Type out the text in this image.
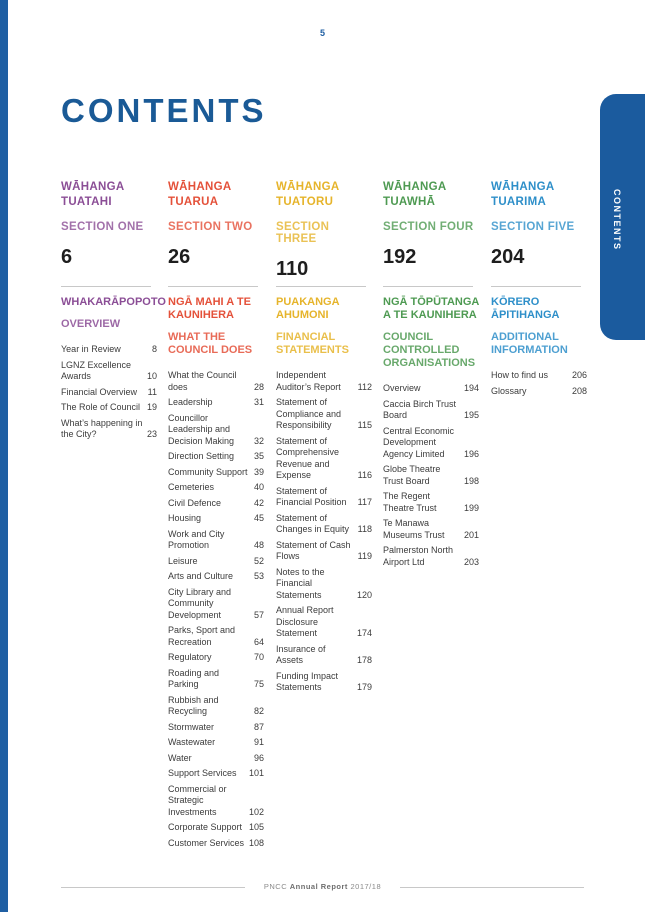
5
CONTENTS
CONTENTS
WĀHANGA
TUATAHI
SECTION ONE
6
WHAKARĀPOPOTO
OVERVIEW
Year in Review	8
LGNZ Excellence Awards	10
Financial Overview	11
The Role of Council 19
What’s happening in the City?	23
WĀHANGA
TUARUA
SECTION TWO
26
NGĀ MAHI A TE KAUNIHERA
WHAT THE COUNCIL DOES
What the Council does	28
Leadership	31
Councillor Leadership and Decision Making	32
Direction Setting	35
Community Support 39
Cemeteries	40
Civil Defence	42
Housing	45
Work and City Promotion	48
Leisure	52
Arts and Culture	53
City Library and Community Development	57
Parks, Sport and Recreation	64
Regulatory	70
Roading and Parking	75
Rubbish and Recycling	82
Stormwater	87
Wastewater	91
Water	96
Support Services	101
Commercial or Strategic Investments	102
Corporate Support 105
Customer Services 108
WĀHANGA
TUATORU
SECTION THREE
110
PUAKANGA AHUMONI
FINANCIAL STATEMENTS
Independent Auditor’s Report	112
Statement of Compliance and Responsibility	115
Statement of Comprehensive Revenue and Expense	116
Statement of Financial Position	117
Statement of Changes in Equity 118
Statement of Cash Flows	119
Notes to the Financial Statements	120
Annual Report Disclosure Statement	174
Insurance of Assets	178
Funding Impact Statements	179
WĀHANGA
TUAWHĀ
SECTION FOUR
192
NGĀ TŌPŪTANGA A TE KAUNIHERA
COUNCIL CONTROLLED ORGANISATIONS
Overview	194
Caccia Birch Trust Board	195
Central Economic Development Agency Limited	196
Globe Theatre Trust Board	198
The Regent Theatre Trust	199
Te Manawa Museums Trust	201
Palmerston North Airport Ltd	203
WĀHANGA
TUARIMA
SECTION FIVE
204
KŌRERO ĀPITIHANGA
ADDITIONAL INFORMATION
How to find us	206
Glossary	208
PNCC Annual Report 2017/18
